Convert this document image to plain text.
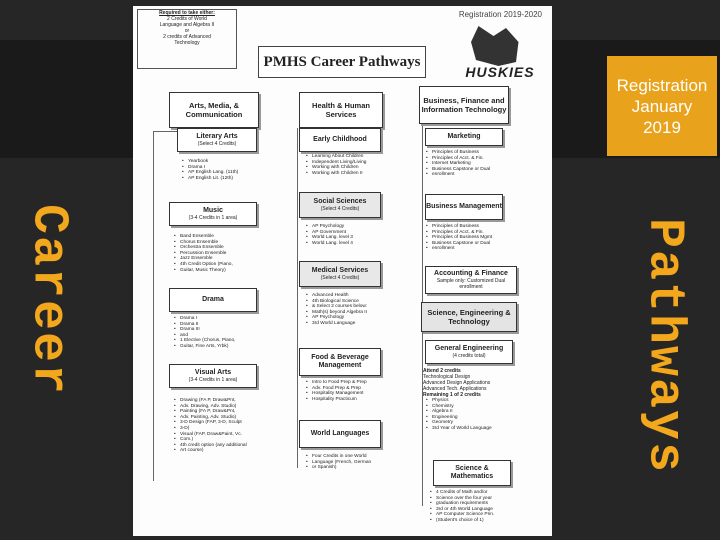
Career	Pathways
Registration
January
2019
Registration 2019-2020
Required to take either:
2 Credits of World
Language and Algebra II
or
2 credits of Advanced
Technology
PMHS Career Pathways
HUSKIES
Arts, Media, & Communication
Literary Arts
(Select 4 Credits)
• Yearbook
• Drama I
• AP English Lang. (11th)
• AP English Lit. (12th)
Music
(3-4 Credits in 1 area)
• Band Ensemble
• Chorus Ensemble
• Orchestra Ensemble
• Percussion Ensemble
• Jazz Ensemble
• 4th Credit Option (Piano,
• Guitar, Music Theory)
Drama
• Drama I
• Drama II
• Drama III
• and
• 1 Elective (Chorus, Piano,
• Guitar, Fine Arts, Yrbk)
Visual Arts
(3-4 Credits in 1 area)
• Drawing (FA P, Draw&Pnt,
• Adv. Drawing, Adv. Studio)
• Painting (FA P, Draw&Pnt,
• Adv. Painting, Adv. Studio)
• 3-D Design (FAP, 3-D, Sculpt
• 3-D)
• Visual (FAP, Draw&Paint, Vc.
• Com.)
• 4th credit option (any additional
• Art course)
Health & Human Services
Early Childhood
• Learning About Children
• Independent Living/Living
• Working with Children
• Working with Children II
Social Sciences
(Select 4 Credits)
• AP Psychology
• AP Government
• World Lang. level 3
• World Lang. level 4
Medical Services
(Select 4 Credits)
• Advanced Health
• 4th Biological Science
• & Select 2 courses below:
• Math(s) beyond Algebra II
• AP Psychology
• 3rd World Language
Food & Beverage Management
• Intro to Food Prep & Prep
• Adv. Food Prep & Prep
• Hospitality Management
• Hospitality Practicum
World Languages
• Four Credits in one World
• Language (French, German
• or Spanish)
Business, Finance and Information Technology
Marketing
• Principles of Business
• Principles of Acct. & Fin.
• Internet Marketing
• Business Capstone or Dual
• enrollment
Business Management
• Principles of Business
• Principles of Acct. & Fin.
• Principles of Business Mgmt
• Business Capstone or Dual
• enrollment
Accounting & Finance
Sample only: Customized Dual
enrollment
Science, Engineering & Technology
General Engineering
(4 credits total)
Attend 2 credits
Technological Design
Advanced Design Applications
Advanced Tech. Applications
Remaining 1 of 2 credits
• Physics
• Chemistry
• Algebra II
• Engineering
• Geometry
• 3rd Year of World Language
Science & Mathematics
• 4 Credits of Math and/or
• Science over the four year
• graduation requirements
• 3rd or 4th World Language
• AP Computer Science Prin.
• (Student's choice of 1)
